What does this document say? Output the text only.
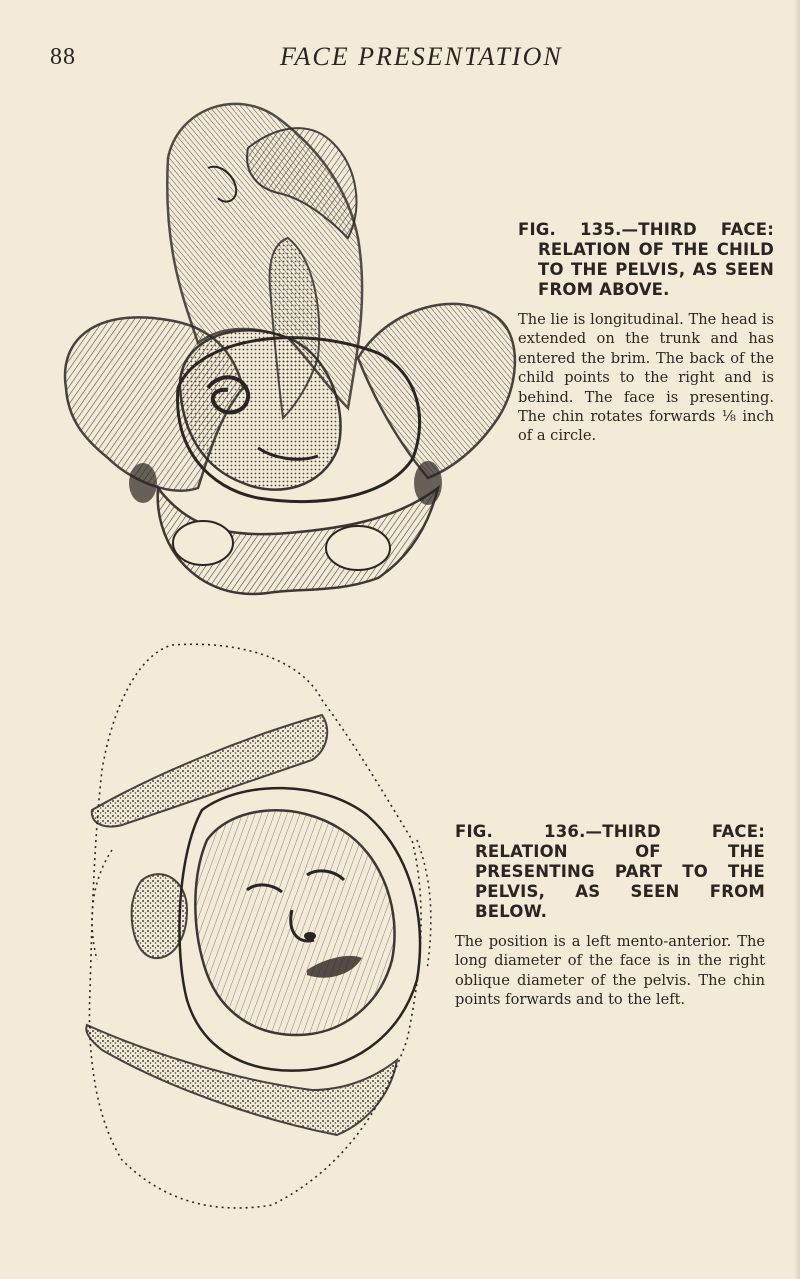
88	FACE PRESENTATION

FIG. 135.—THIRD FACE: RELATION OF THE CHILD TO THE PELVIS, AS SEEN FROM ABOVE.

The lie is longitudinal. The head is extended on the trunk and has entered the brim. The back of the child points to the right and is behind. The face is presenting. The chin rotates forwards ⅛ inch of a circle.

FIG. 136.—THIRD FACE: RELATION OF THE PRESENTING PART TO THE PELVIS, AS SEEN FROM BELOW.

The position is a left mento-anterior. The long diameter of the face is in the right oblique diameter of the pelvis. The chin points forwards and to the left.
